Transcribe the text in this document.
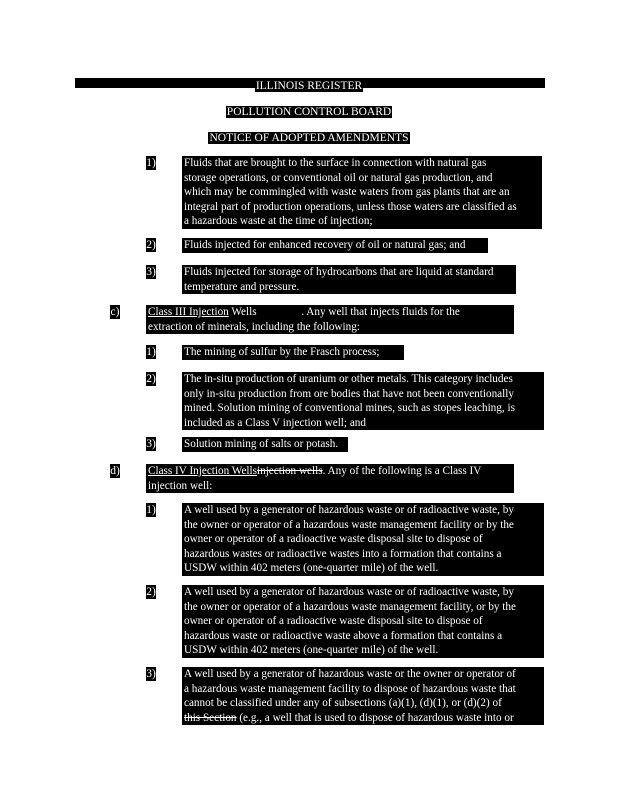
ILLINOIS REGISTER
POLLUTION CONTROL BOARD
NOTICE OF ADOPTED AMENDMENTS
1)	Fluids that are brought to the surface in connection with natural gas
storage operations, or conventional oil or natural gas production, and
which may be commingled with waste waters from gas plants that are an
integral part of production operations, unless those waters are classified as
a hazardous waste at the time of injection;
2)	Fluids injected for enhanced recovery of oil or natural gas; and
3)	Fluids injected for storage of hydrocarbons that are liquid at standard
temperature and pressure.
c)	Class III Injection Wells	. Any well that injects fluids for the
extraction of minerals, including the following:
1)	The mining of sulfur by the Frasch process;
2)	The in-situ production of uranium or other metals. This category includes
only in-situ production from ore bodies that have not been conventionally
mined. Solution mining of conventional mines, such as stopes leaching, is
included as a Class V injection well; and
3)	Solution mining of salts or potash.
d)	Class IV Injection Wellsinjection wells. Any of the following is a Class IV
injection well:
1)	A well used by a generator of hazardous waste or of radioactive waste, by
the owner or operator of a hazardous waste management facility or by the
owner or operator of a radioactive waste disposal site to dispose of
hazardous wastes or radioactive wastes into a formation that contains a
USDW within 402 meters (one-quarter mile) of the well.
2)	A well used by a generator of hazardous waste or of radioactive waste, by
the owner or operator of a hazardous waste management facility, or by the
owner or operator of a radioactive waste disposal site to dispose of
hazardous waste or radioactive waste above a formation that contains a
USDW within 402 meters (one-quarter mile) of the well.
3)	A well used by a generator of hazardous waste or the owner or operator of
a hazardous waste management facility to dispose of hazardous waste that
cannot be classified under any of subsections (a)(1), (d)(1), or (d)(2) of
this Section (e.g., a well that is used to dispose of hazardous waste into or
